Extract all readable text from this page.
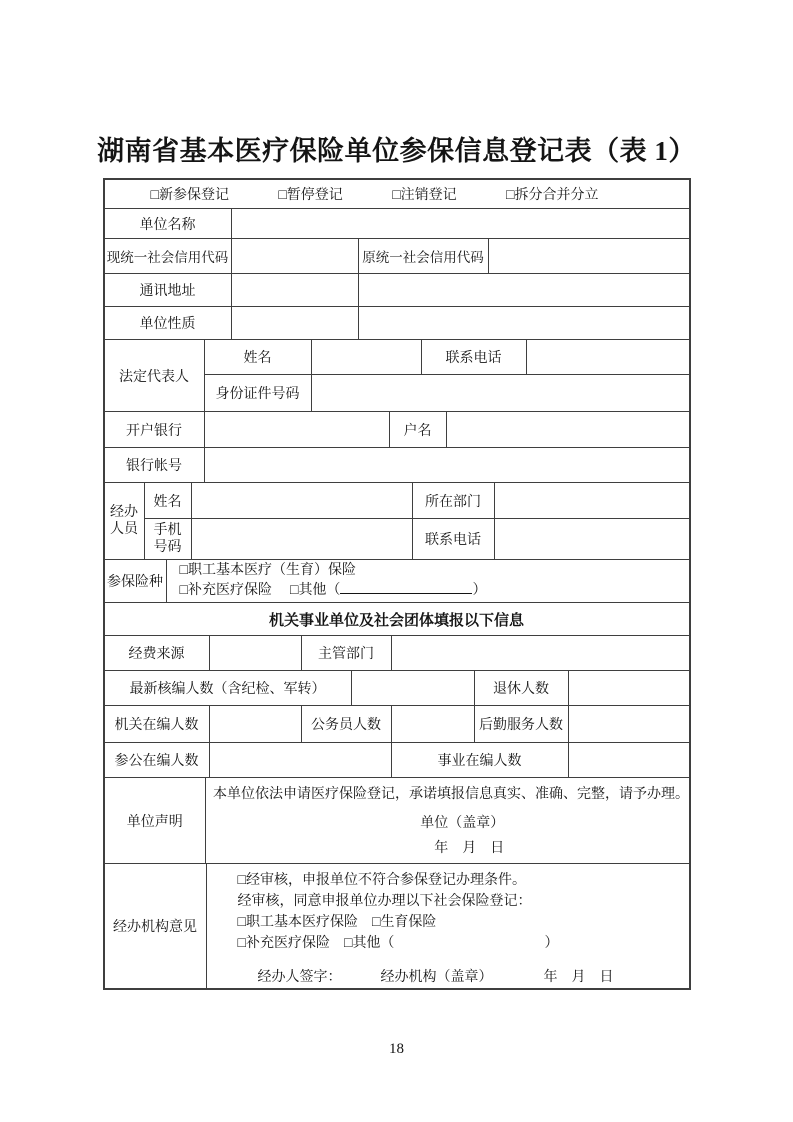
湖南省基本医疗保险单位参保信息登记表（表 1）
□新参保登记	□暂停登记	□注销登记	□拆分合并分立
单位名称
现统一社会信用代码	原统一社会信用代码
通讯地址
单位性质
法定代表人
姓名	联系电话
身份证件号码
开户银行	户名
银行帐号
经办
人员
姓名	所在部门
手机
号码	联系电话
参保险种
□职工基本医疗（生育）保险
□补充医疗保险 □其他（	）
机关事业单位及社会团体填报以下信息
经费来源	主管部门
最新核编人数（含纪检、军转）	退休人数
机关在编人数	公务员人数	后勤服务人数
参公在编人数	事业在编人数
单位声明
本单位依法申请医疗保险登记，承诺填报信息真实、准确、完整，请予办理。
单位（盖章）
年　月　日
经办机构意见
□经审核，申报单位不符合参保登记办理条件。
经审核，同意申报单位办理以下社会保险登记：
□职工基本医疗保险 □生育保险
□补充医疗保险 □其他（	）
经办人签字：	经办机构（盖章）	年　月　日
18
